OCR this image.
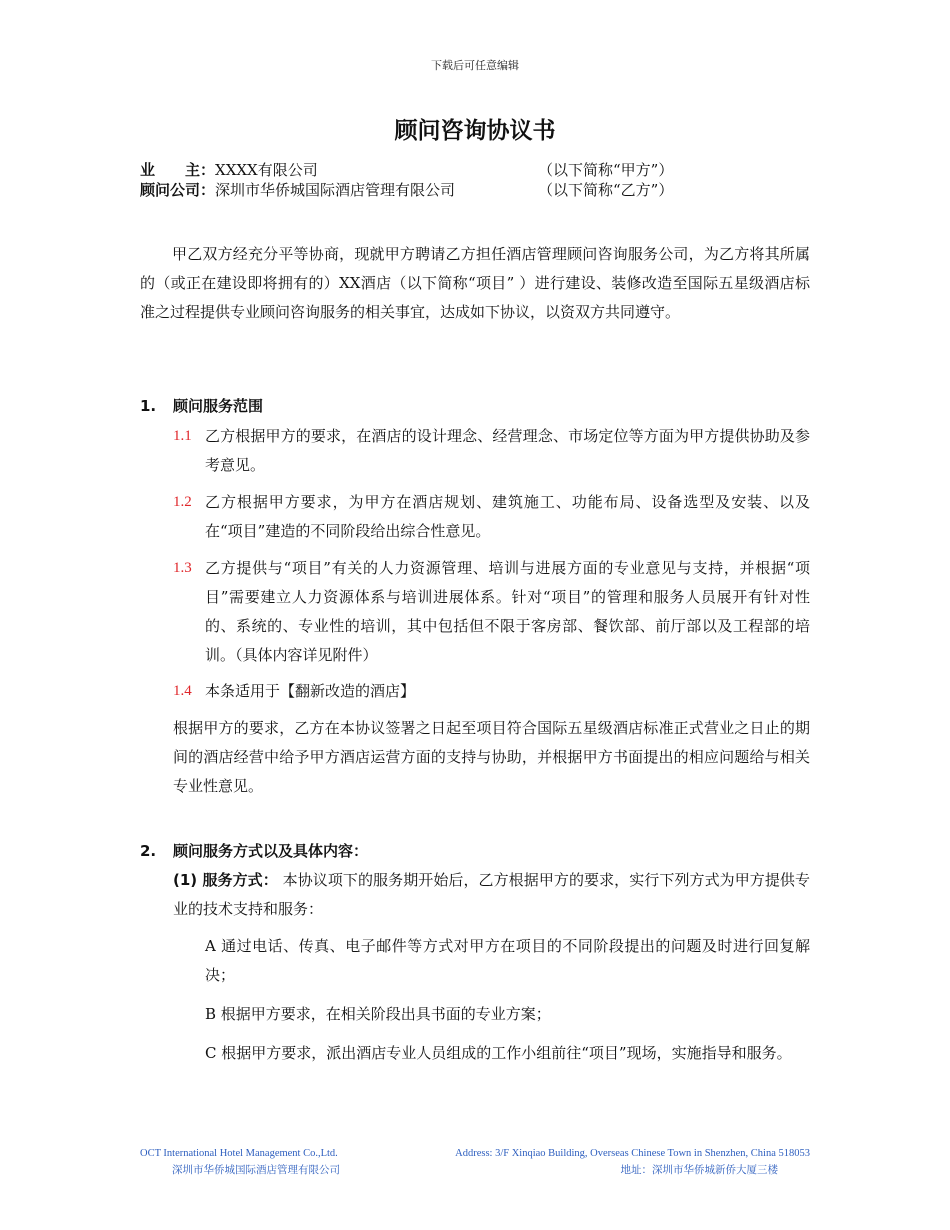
下载后可任意编辑
顾问咨询协议书
业　　主：XXXX有限公司	（以下简称“甲方”）
顾问公司：深圳市华侨城国际酒店管理有限公司	（以下简称“乙方”）
甲乙双方经充分平等协商，现就甲方聘请乙方担任酒店管理顾问咨询服务公司，为乙方将其所属的（或正在建设即将拥有的）XX酒店（以下简称“项目” ）进行建设、装修改造至国际五星级酒店标准之过程提供专业顾问咨询服务的相关事宜，达成如下协议，以资双方共同遵守。
1. 顾问服务范围
1.1 乙方根据甲方的要求，在酒店的设计理念、经营理念、市场定位等方面为甲方提供协助及参考意见。
1.2 乙方根据甲方要求，为甲方在酒店规划、建筑施工、功能布局、设备选型及安装、以及在“项目”建造的不同阶段给出综合性意见。
1.3 乙方提供与“项目”有关的人力资源管理、培训与进展方面的专业意见与支持，并根据“项目”需要建立人力资源体系与培训进展体系。针对“项目”的管理和服务人员展开有针对性的、系统的、专业性的培训，其中包括但不限于客房部、餐饮部、前厅部以及工程部的培训。（具体内容详见附件）
1.4 本条适用于【翻新改造的酒店】
根据甲方的要求，乙方在本协议签署之日起至项目符合国际五星级酒店标准正式营业之日止的期间的酒店经营中给予甲方酒店运营方面的支持与协助，并根据甲方书面提出的相应问题给与相关专业性意见。
2. 顾问服务方式以及具体内容：
(1) 服务方式： 本协议项下的服务期开始后，乙方根据甲方的要求，实行下列方式为甲方提供专业的技术支持和服务：
A 通过电话、传真、电子邮件等方式对甲方在项目的不同阶段提出的问题及时进行回复解决；
B 根据甲方要求，在相关阶段出具书面的专业方案；
C 根据甲方要求，派出酒店专业人员组成的工作小组前往“项目”现场，实施指导和服务。
OCT International Hotel Management Co.,Ltd.	Address: 3/F Xinqiao Building, Overseas Chinese Town in Shenzhen, China 518053
深圳市华侨城国际酒店管理有限公司	地址：深圳市华侨城新侨大厦三楼
